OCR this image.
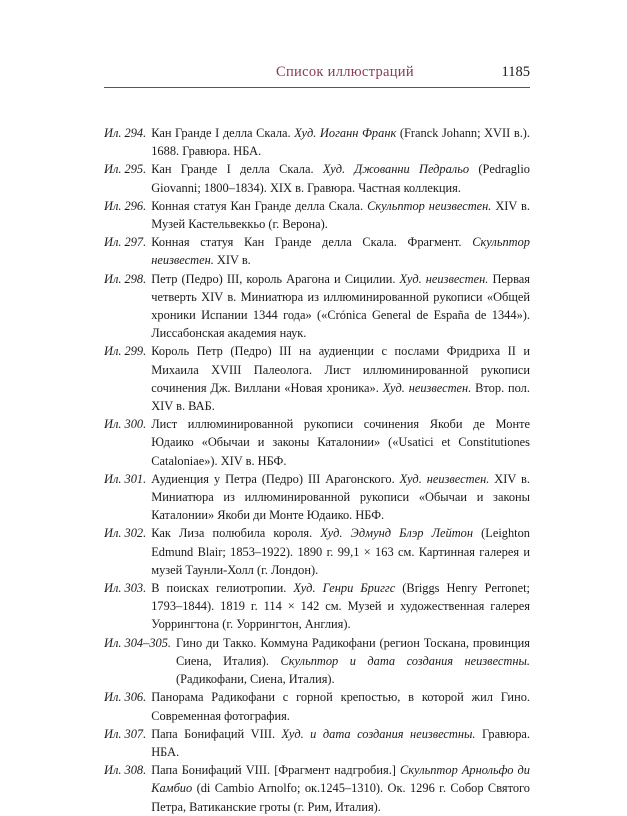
Список иллюстраций	1185
Ил. 294. Кан Гранде I делла Скала. Худ. Иоганн Франк (Franck Johann; XVII в.). 1688. Гравюра. НБА.
Ил. 295. Кан Гранде I делла Скала. Худ. Джованни Педральо (Pedraglio Giovanni; 1800–1834). XIX в. Гравюра. Частная коллекция.
Ил. 296. Конная статуя Кан Гранде делла Скала. Скульптор неизвестен. XIV в. Музей Кастельвеккьо (г. Верона).
Ил. 297. Конная статуя Кан Гранде делла Скала. Фрагмент. Скульптор неизвестен. XIV в.
Ил. 298. Петр (Педро) III, король Арагона и Сицилии. Худ. неизвестен. Первая четверть XIV в. Миниатюра из иллюминированной рукописи «Общей хроники Испании 1344 года» («Crónica General de España de 1344»). Лиссабонская академия наук.
Ил. 299. Король Петр (Педро) III на аудиенции с послами Фридриха II и Михаила XVIII Палеолога. Лист иллюминированной рукописи сочинения Дж. Виллани «Новая хроника». Худ. неизвестен. Втор. пол. XIV в. ВАБ.
Ил. 300. Лист иллюминированной рукописи сочинения Якоби де Монте Юдаико «Обычаи и законы Каталонии» («Usatici et Constitutiones Cataloniae»). XIV в. НБФ.
Ил. 301. Аудиенция у Петра (Педро) III Арагонского. Худ. неизвестен. XIV в. Миниатюра из иллюминированной рукописи «Обычаи и законы Каталонии» Якоби ди Монте Юдаико. НБФ.
Ил. 302. Как Лиза полюбила короля. Худ. Эдмунд Блэр Лейтон (Leighton Edmund Blair; 1853–1922). 1890 г. 99,1 × 163 см. Картинная галерея и музей Таунли-Холл (г. Лондон).
Ил. 303. В поисках гелиотропии. Худ. Генри Бриггс (Briggs Henry Perronet; 1793–1844). 1819 г. 114 × 142 см. Музей и художественная галерея Уоррингтона (г. Уоррингтон, Англия).
Ил. 304–305. Гино ди Такко. Коммуна Радикофани (регион Тоскана, провинция Сиена, Италия). Скульптор и дата создания неизвестны. (Радикофани, Сиена, Италия).
Ил. 306. Панорама Радикофани с горной крепостью, в которой жил Гино. Современная фотография.
Ил. 307. Папа Бонифаций VIII. Худ. и дата создания неизвестны. Гравюра. НБА.
Ил. 308. Папа Бонифаций VIII. [Фрагмент надгробия.] Скульптор Арнольфо ди Камбио (di Cambio Arnolfo; ок.1245–1310). Ок. 1296 г. Собор Святого Петра, Ватиканские гроты (г. Рим, Италия).
